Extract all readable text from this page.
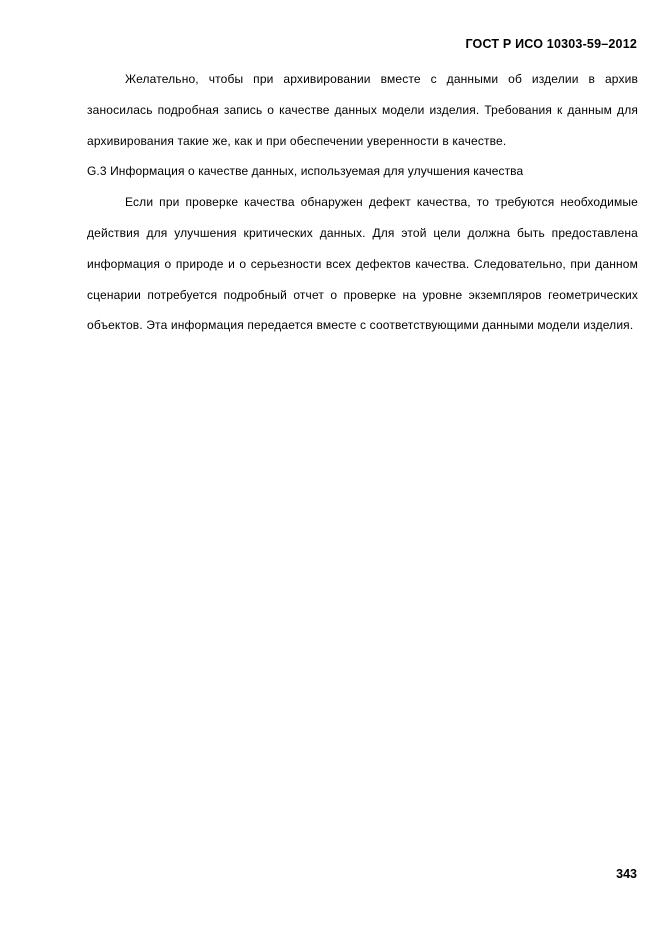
ГОСТ Р ИСО 10303-59–2012

Желательно, чтобы при архивировании вместе с данными об изделии в архив заносилась подробная запись о качестве данных модели изделия. Требования к данным для архивирования такие же, как и при обеспечении уверенности в качестве.

G.3 Информация о качестве данных, используемая для улучшения качества

Если при проверке качества обнаружен дефект качества, то требуются необходимые действия для улучшения критических данных. Для этой цели должна быть предоставлена информация о природе и о серьезности всех дефектов качества. Следовательно, при данном сценарии потребуется подробный отчет о проверке на уровне экземпляров геометрических объектов. Эта информация передается вместе с соответствующими данными модели изделия.

343
